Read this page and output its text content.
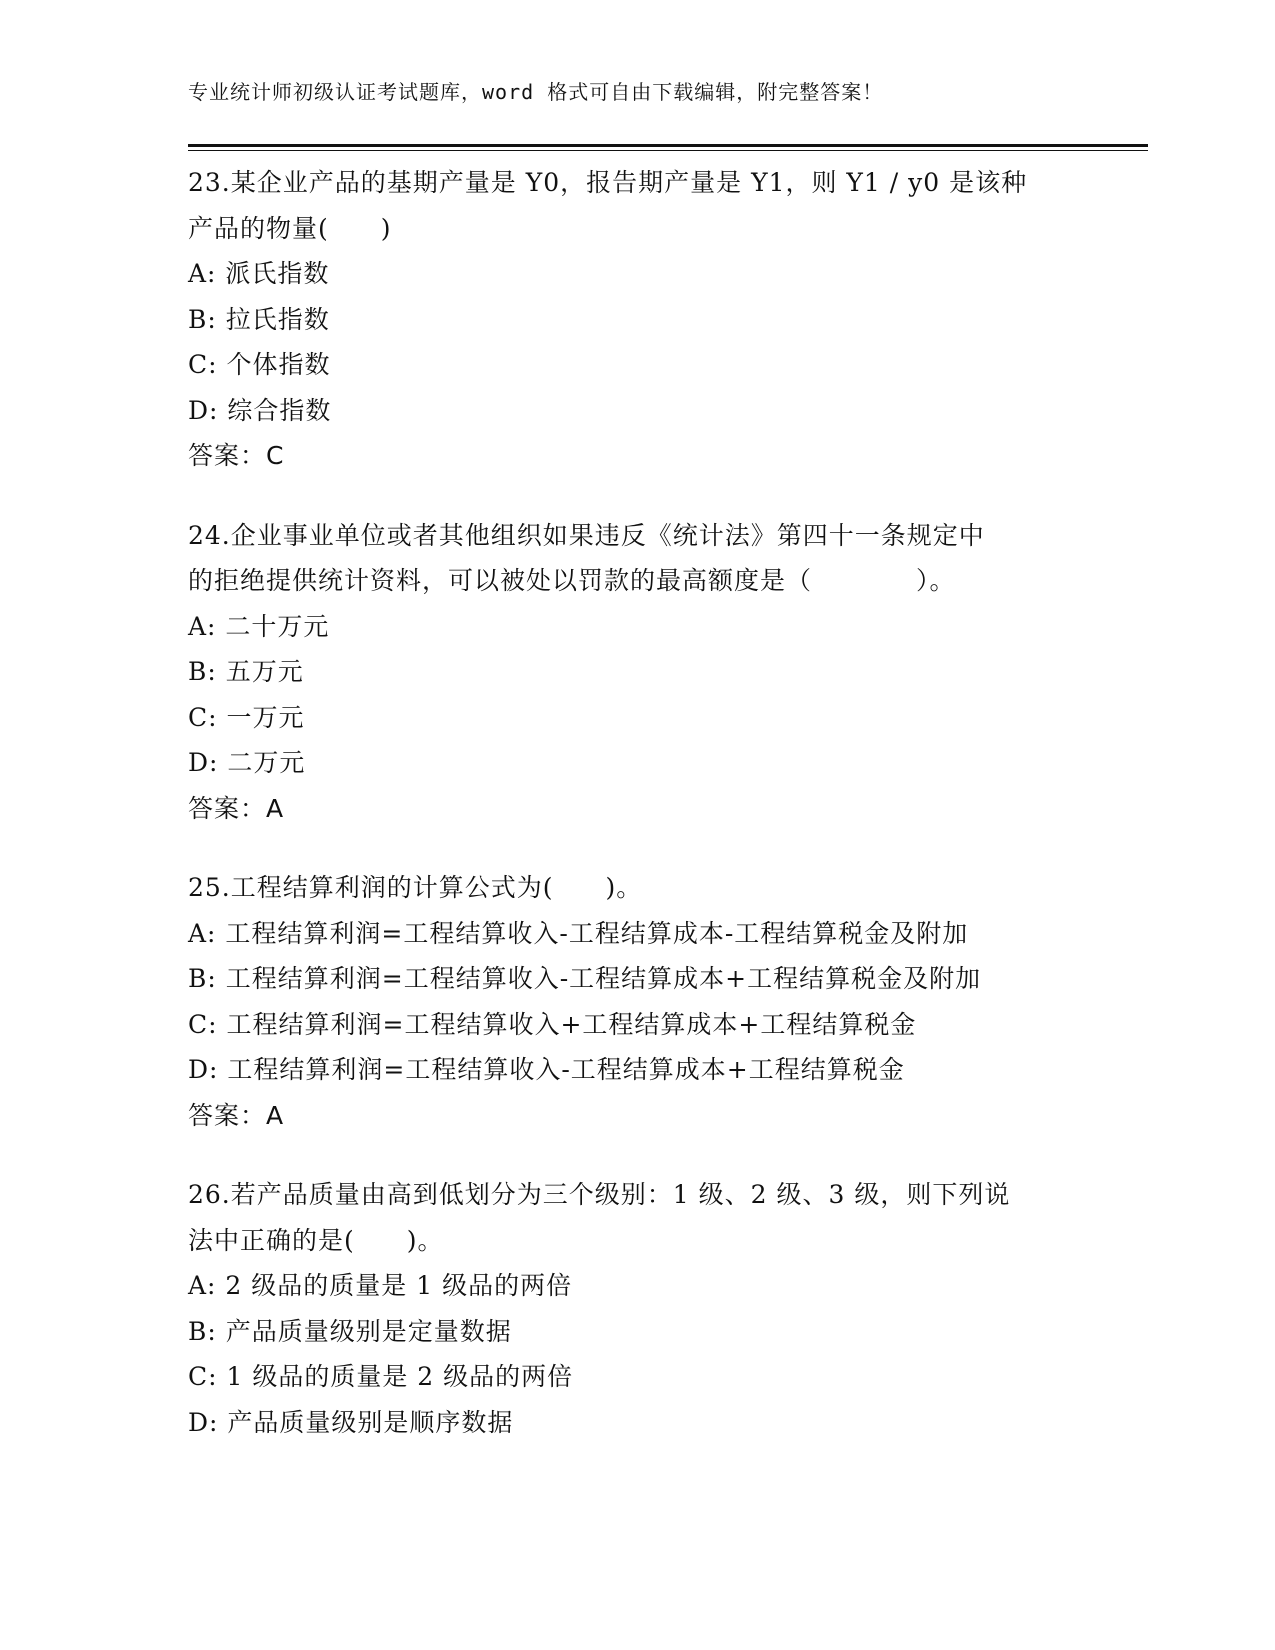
专业统计师初级认证考试题库，word 格式可自由下载编辑，附完整答案！
23.某企业产品的基期产量是 Y0，报告期产量是 Y1，则 Y1 / y0 是该种
产品的物量(　　)
A: 派氏指数
B: 拉氏指数
C: 个体指数
D: 综合指数
答案：C
24.企业事业单位或者其他组织如果违反《统计法》第四十一条规定中
的拒绝提供统计资料，可以被处以罚款的最高额度是（　　　　）。
A: 二十万元
B: 五万元
C: 一万元
D: 二万元
答案：A
25.工程结算利润的计算公式为(　　)。
A: 工程结算利润=工程结算收入-工程结算成本-工程结算税金及附加
B: 工程结算利润=工程结算收入-工程结算成本+工程结算税金及附加
C: 工程结算利润=工程结算收入+工程结算成本+工程结算税金
D: 工程结算利润=工程结算收入-工程结算成本+工程结算税金
答案：A
26.若产品质量由高到低划分为三个级别：1 级、2 级、3 级，则下列说
法中正确的是(　　)。
A: 2 级品的质量是 1 级品的两倍
B: 产品质量级别是定量数据
C: 1 级品的质量是 2 级品的两倍
D: 产品质量级别是顺序数据
